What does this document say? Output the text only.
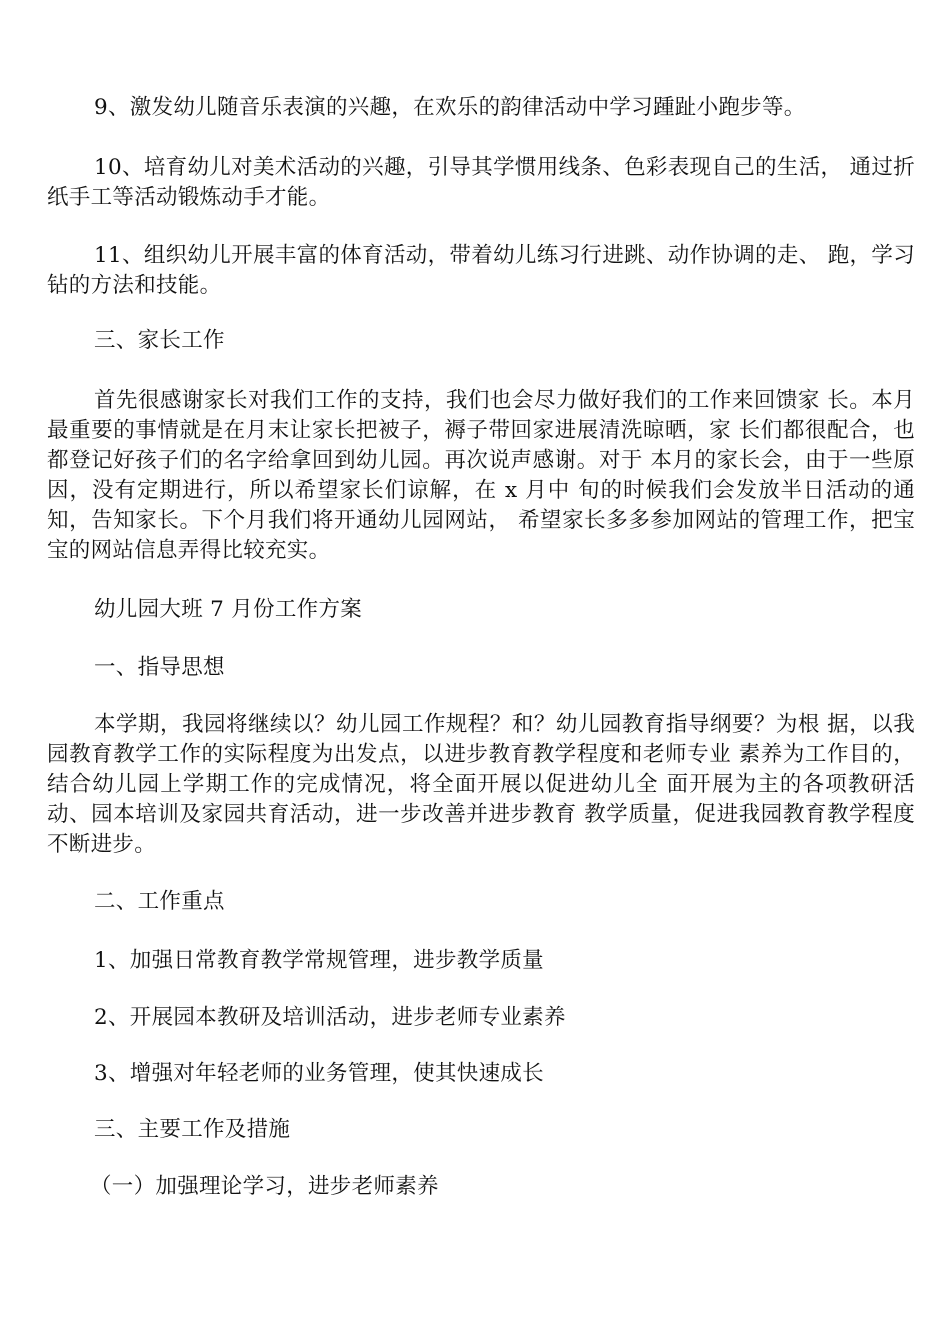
9、激发幼儿随音乐表演的兴趣，在欢乐的韵律活动中学习踵趾小跑步等。

10、培育幼儿对美术活动的兴趣，引导其学惯用线条、色彩表现自己的生活， 通过折纸手工等活动锻炼动手才能。

11、组织幼儿开展丰富的体育活动，带着幼儿练习行进跳、动作协调的走、 跑，学习钻的方法和技能。

三、家长工作

首先很感谢家长对我们工作的支持，我们也会尽力做好我们的工作来回馈家 长。本月最重要的事情就是在月末让家长把被子，褥子带回家进展清洗晾晒，家 长们都很配合，也都登记好孩子们的名字给拿回到幼儿园。再次说声感谢。对于 本月的家长会，由于一些原因，没有定期进行，所以希望家长们谅解，在 x 月中 旬的时候我们会发放半日活动的通知，告知家长。下个月我们将开通幼儿园网站， 希望家长多多参加网站的管理工作，把宝宝的网站信息弄得比较充实。

幼儿园大班 7 月份工作方案

一、指导思想

本学期，我园将继续以？幼儿园工作规程？和？幼儿园教育指导纲要？为根 据，以我园教育教学工作的实际程度为出发点，以进步教育教学程度和老师专业 素养为工作目的，结合幼儿园上学期工作的完成情况，将全面开展以促进幼儿全 面开展为主的各项教研活动、园本培训及家园共育活动，进一步改善并进步教育 教学质量，促进我园教育教学程度不断进步。

二、工作重点

1、加强日常教育教学常规管理，进步教学质量

2、开展园本教研及培训活动，进步老师专业素养

3、增强对年轻老师的业务管理，使其快速成长

三、主要工作及措施

（一）加强理论学习，进步老师素养
